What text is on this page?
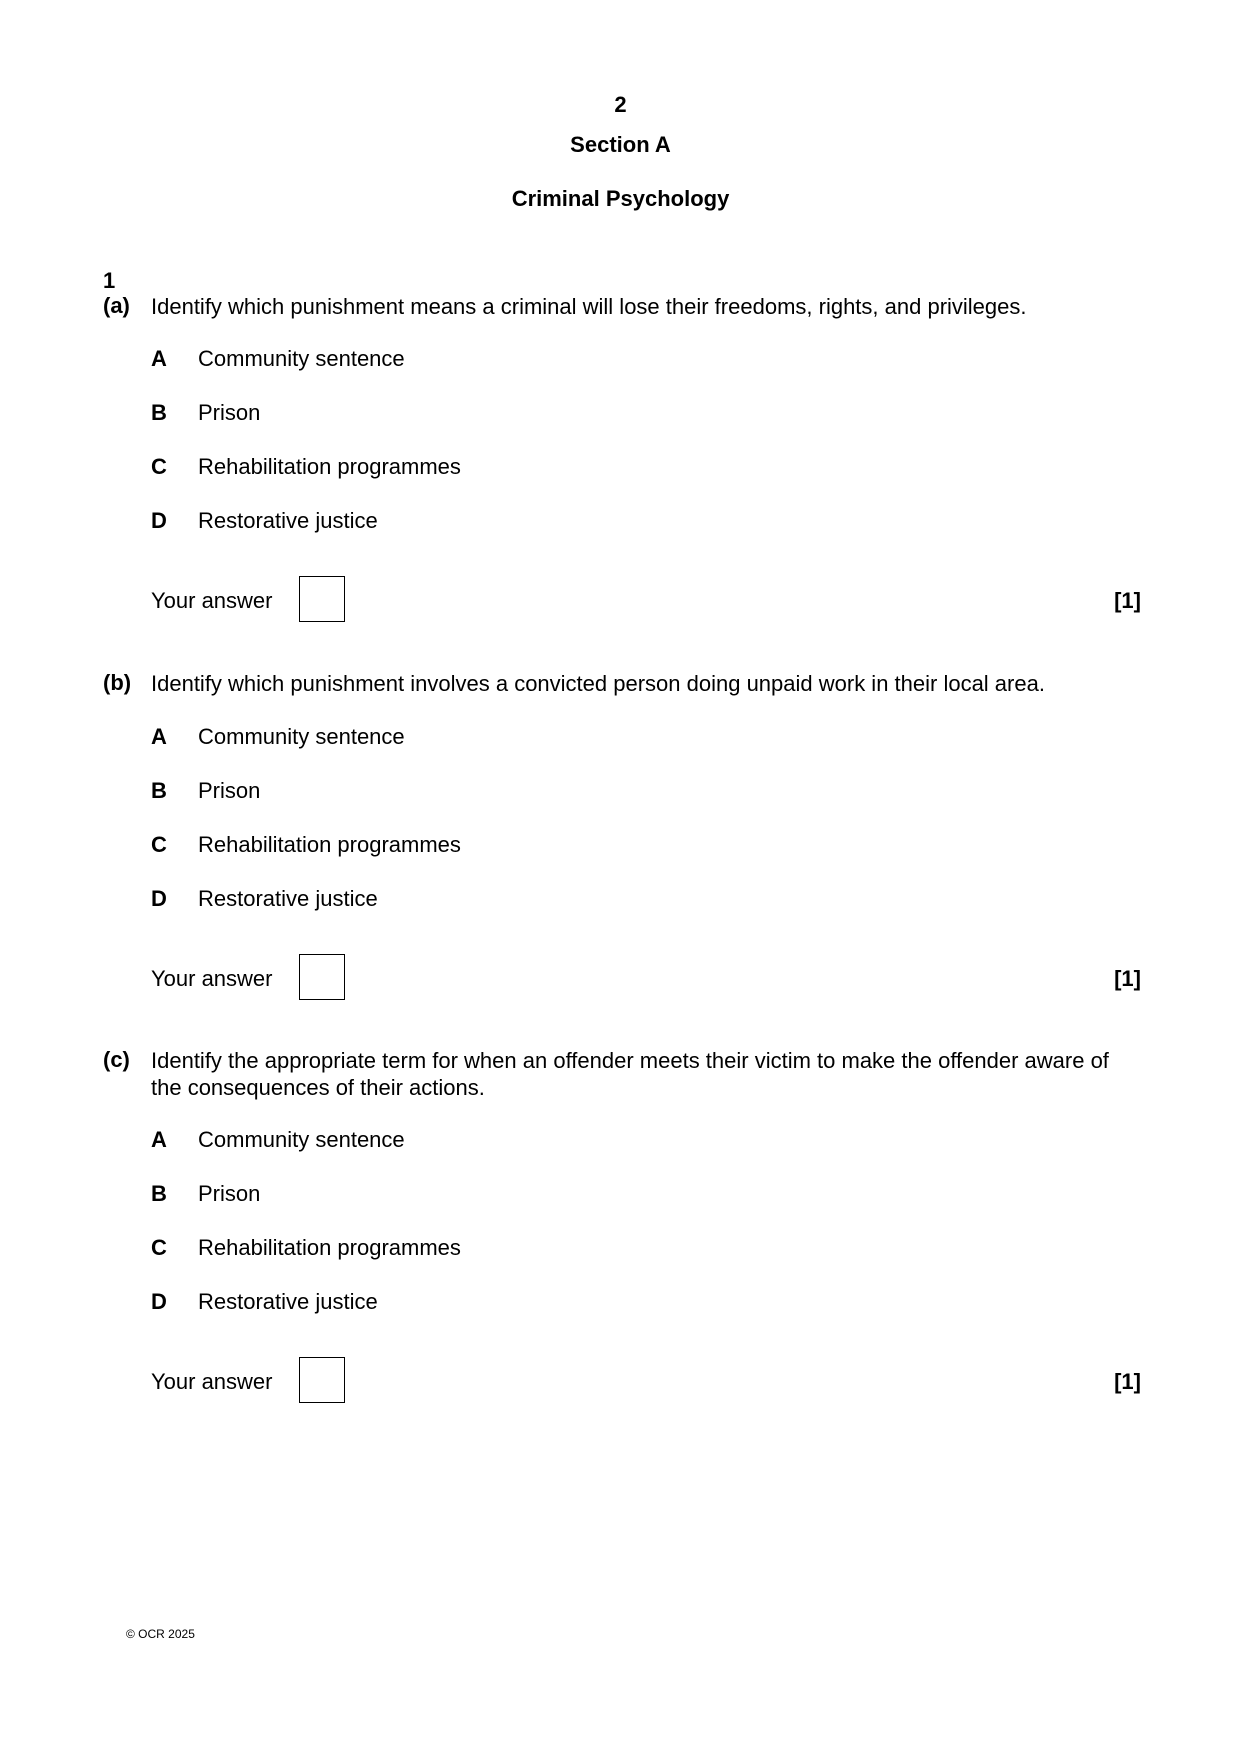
2
Section A
Criminal Psychology
1
(a) Identify which punishment means a criminal will lose their freedoms, rights, and privileges.
A Community sentence
B Prison
C Rehabilitation programmes
D Restorative justice
Your answer	[1]
(b) Identify which punishment involves a convicted person doing unpaid work in their local area.
A Community sentence
B Prison
C Rehabilitation programmes
D Restorative justice
Your answer	[1]
(c) Identify the appropriate term for when an offender meets their victim to make the offender aware of the consequences of their actions.
A Community sentence
B Prison
C Rehabilitation programmes
D Restorative justice
Your answer	[1]
© OCR 2025
